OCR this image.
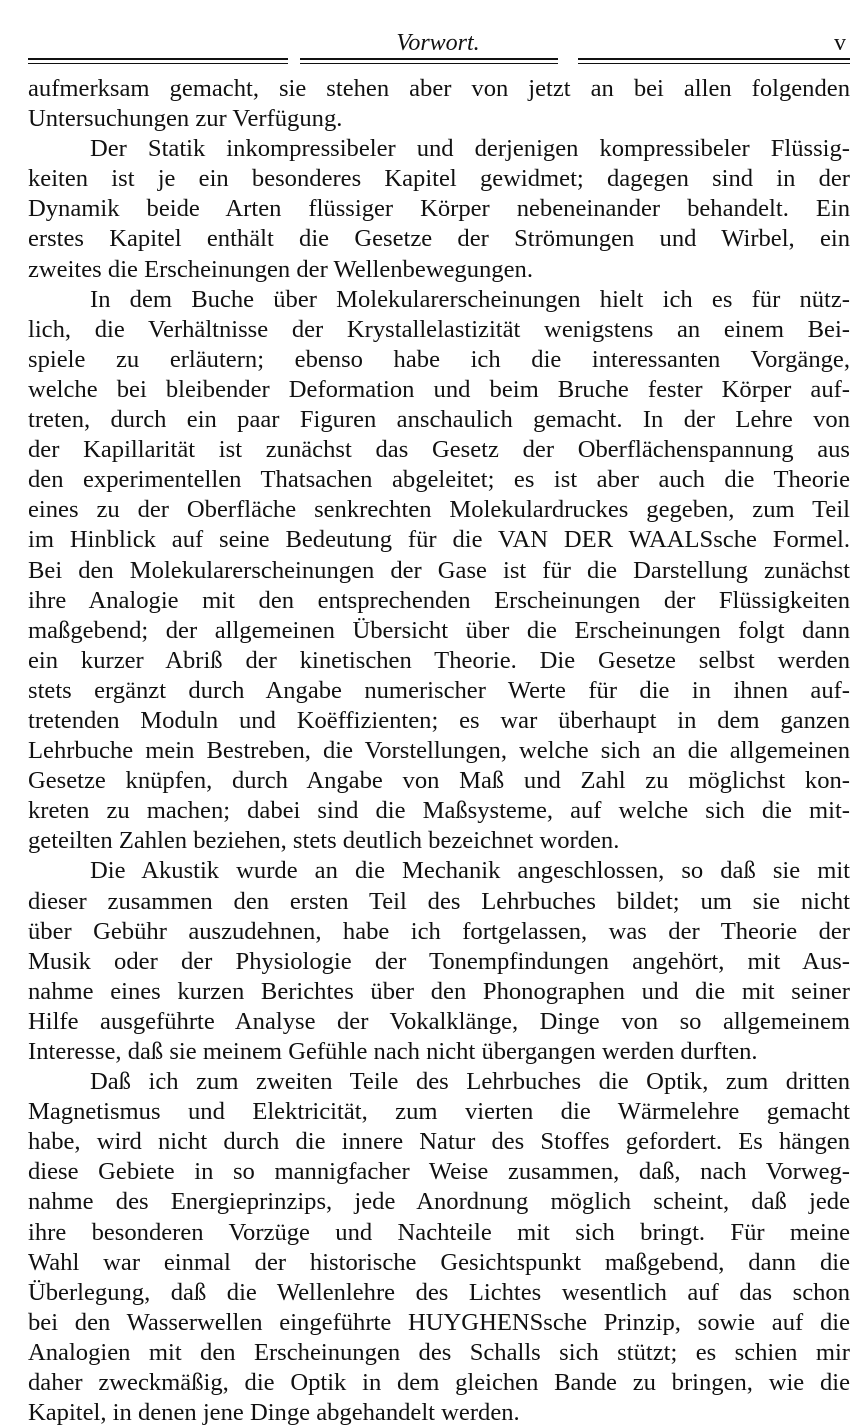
Vorwort.	v
aufmerksam gemacht, sie stehen aber von jetzt an bei allen folgenden
Untersuchungen zur Verfügung.
Der Statik inkompressibeler und derjenigen kompressibeler Flüssig-
keiten ist je ein besonderes Kapitel gewidmet; dagegen sind in der
Dynamik beide Arten flüssiger Körper nebeneinander behandelt. Ein
erstes Kapitel enthält die Gesetze der Strömungen und Wirbel, ein
zweites die Erscheinungen der Wellenbewegungen.
In dem Buche über Molekularerscheinungen hielt ich es für nütz-
lich, die Verhältnisse der Krystallelastizität wenigstens an einem Bei-
spiele zu erläutern; ebenso habe ich die interessanten Vorgänge,
welche bei bleibender Deformation und beim Bruche fester Körper auf-
treten, durch ein paar Figuren anschaulich gemacht. In der Lehre von
der Kapillarität ist zunächst das Gesetz der Oberflächenspannung aus
den experimentellen Thatsachen abgeleitet; es ist aber auch die Theorie
eines zu der Oberfläche senkrechten Molekulardruckes gegeben, zum Teil
im Hinblick auf seine Bedeutung für die VAN DER WAALSsche Formel.
Bei den Molekularerscheinungen der Gase ist für die Darstellung zunächst
ihre Analogie mit den entsprechenden Erscheinungen der Flüssigkeiten
maßgebend; der allgemeinen Übersicht über die Erscheinungen folgt dann
ein kurzer Abriß der kinetischen Theorie. Die Gesetze selbst werden
stets ergänzt durch Angabe numerischer Werte für die in ihnen auf-
tretenden Moduln und Koëffizienten; es war überhaupt in dem ganzen
Lehrbuche mein Bestreben, die Vorstellungen, welche sich an die allgemeinen
Gesetze knüpfen, durch Angabe von Maß und Zahl zu möglichst kon-
kreten zu machen; dabei sind die Maßsysteme, auf welche sich die mit-
geteilten Zahlen beziehen, stets deutlich bezeichnet worden.
Die Akustik wurde an die Mechanik angeschlossen, so daß sie mit
dieser zusammen den ersten Teil des Lehrbuches bildet; um sie nicht
über Gebühr auszudehnen, habe ich fortgelassen, was der Theorie der
Musik oder der Physiologie der Tonempfindungen angehört, mit Aus-
nahme eines kurzen Berichtes über den Phonographen und die mit seiner
Hilfe ausgeführte Analyse der Vokalklänge, Dinge von so allgemeinem
Interesse, daß sie meinem Gefühle nach nicht übergangen werden durften.
Daß ich zum zweiten Teile des Lehrbuches die Optik, zum dritten
Magnetismus und Elektricität, zum vierten die Wärmelehre gemacht
habe, wird nicht durch die innere Natur des Stoffes gefordert. Es hängen
diese Gebiete in so mannigfacher Weise zusammen, daß, nach Vorweg-
nahme des Energieprinzips, jede Anordnung möglich scheint, daß jede
ihre besonderen Vorzüge und Nachteile mit sich bringt. Für meine
Wahl war einmal der historische Gesichtspunkt maßgebend, dann die
Überlegung, daß die Wellenlehre des Lichtes wesentlich auf das schon
bei den Wasserwellen eingeführte HUYGHENSsche Prinzip, sowie auf die
Analogien mit den Erscheinungen des Schalls sich stützt; es schien mir
daher zweckmäßig, die Optik in dem gleichen Bande zu bringen, wie die
Kapitel, in denen jene Dinge abgehandelt werden.
